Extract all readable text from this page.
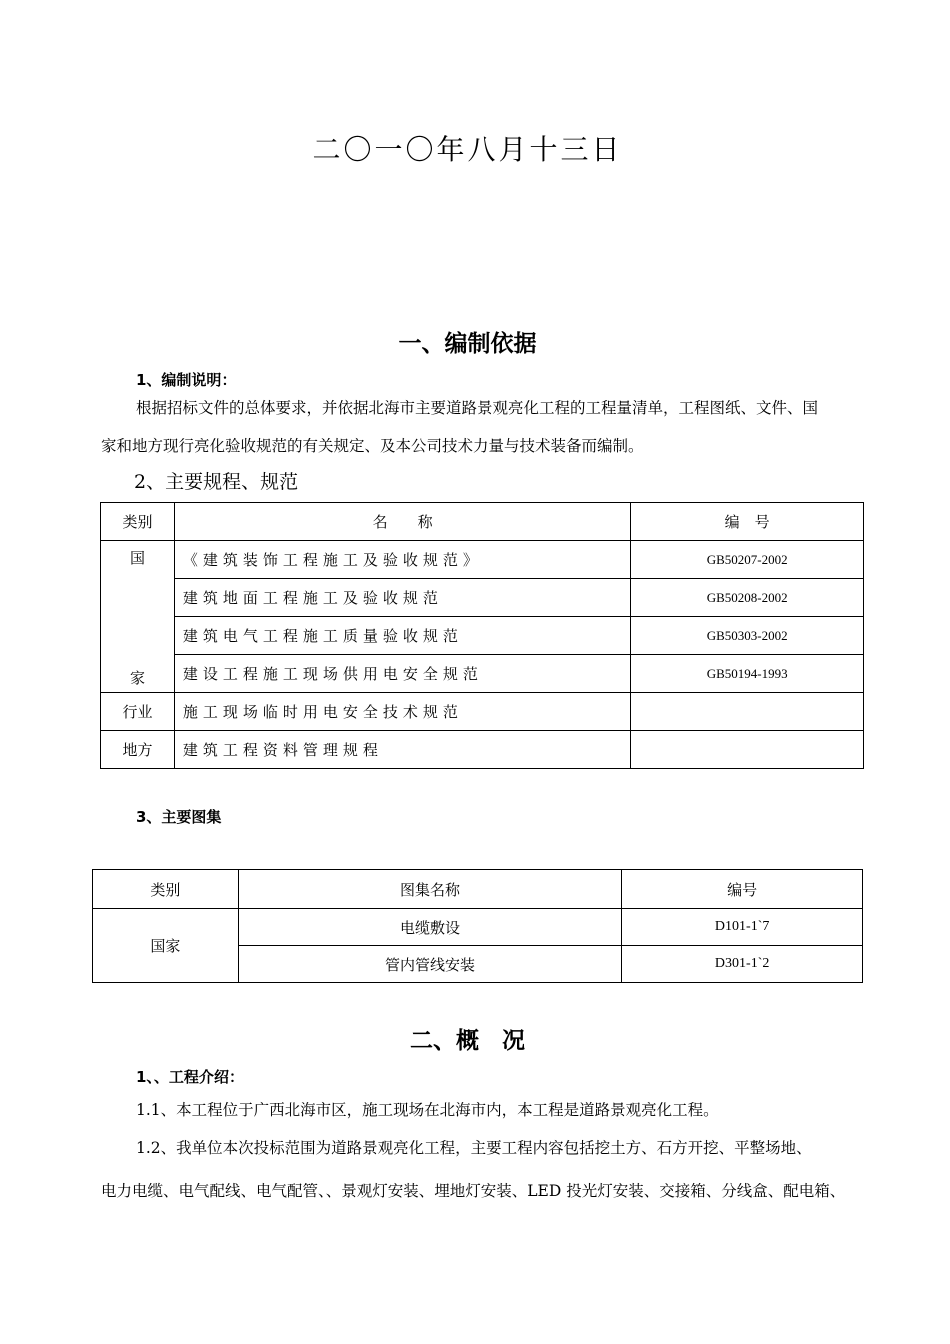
二〇一〇年八月十三日
一、编制依据
1、编制说明：
根据招标文件的总体要求，并依据北海市主要道路景观亮化工程的工程量清单，工程图纸、文件、国
家和地方现行亮化验收规范的有关规定、及本公司技术力量与技术装备而编制。
2、主要规程、规范
类别	名　　称	编　号

国
家	《建筑装饰工程施工及验收规范》	GB50207-2002
	建筑地面工程施工及验收规范	GB50208-2002
	建筑电气工程施工质量验收规范	GB50303-2002
	建设工程施工现场供用电安全规范	GB50194-1993
行业	施工现场临时用电安全技术规范	
地方	建筑工程资料管理规程	
3、主要图集
类别	图集名称	编号
国家	电缆敷设	D101-1`7
	管内管线安装	D301-1`2
二、概　况
1、、工程介绍：
1.1、本工程位于广西北海市区，施工现场在北海市内，本工程是道路景观亮化工程。
1.2、我单位本次投标范围为道路景观亮化工程，主要工程内容包括挖土方、石方开挖、平整场地、
电力电缆、电气配线、电气配管、、景观灯安装、埋地灯安装、LED 投光灯安装、交接箱、分线盒、配电箱、
